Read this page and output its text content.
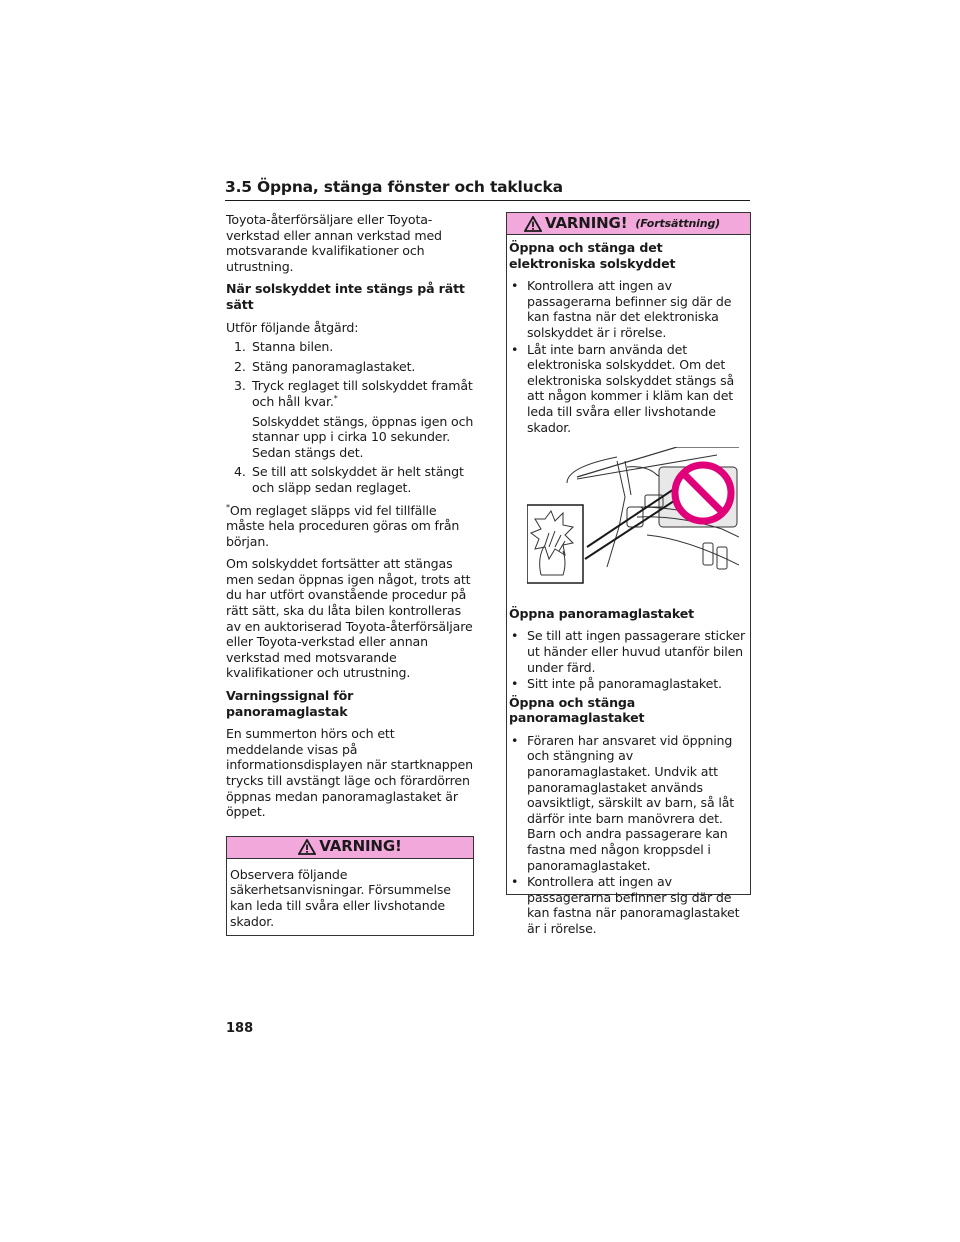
3.5 Öppna, stänga fönster och taklucka

Toyota-återförsäljare eller Toyota-verkstad eller annan verkstad med motsvarande kvalifikationer och utrustning.

När solskyddet inte stängs på rätt sätt

Utför följande åtgärd:

1. Stanna bilen.
2. Stäng panoramaglastaket.
3. Tryck reglaget till solskyddet framåt och håll kvar.*
Solskyddet stängs, öppnas igen och stannar upp i cirka 10 sekunder. Sedan stängs det.
4. Se till att solskyddet är helt stängt och släpp sedan reglaget.

*Om reglaget släpps vid fel tillfälle måste hela proceduren göras om från början.

Om solskyddet fortsätter att stängas men sedan öppnas igen något, trots att du har utfört ovanstående procedur på rätt sätt, ska du låta bilen kontrolleras av en auktoriserad Toyota-återförsäljare eller Toyota-verkstad eller annan verkstad med motsvarande kvalifikationer och utrustning.

Varningssignal för panoramaglastak

En summerton hörs och ett meddelande visas på informationsdisplayen när startknappen trycks till avstängt läge och förardörren öppnas medan panoramaglastaket är öppet.

VARNING!
Observera följande säkerhetsanvisningar. Försummelse kan leda till svåra eller livshotande skador.
VARNING! (Fortsättning)

Öppna och stänga det elektroniska solskyddet

• Kontrollera att ingen av passagerarna befinner sig där de kan fastna när det elektroniska solskyddet är i rörelse.
• Låt inte barn använda det elektroniska solskyddet. Om det elektroniska solskyddet stängs så att någon kommer i kläm kan det leda till svåra eller livshotande skador.

Öppna panoramaglastaket

• Se till att ingen passagerare sticker ut händer eller huvud utanför bilen under färd.
• Sitt inte på panoramaglastaket.

Öppna och stänga panoramaglastaket

• Föraren har ansvaret vid öppning och stängning av panoramaglastaket. Undvik att panoramaglastaket används oavsiktligt, särskilt av barn, så låt därför inte barn manövrera det. Barn och andra passagerare kan fastna med någon kroppsdel i panoramaglastaket.
• Kontrollera att ingen av passagerarna befinner sig där de kan fastna när panoramaglastaket är i rörelse.
188
